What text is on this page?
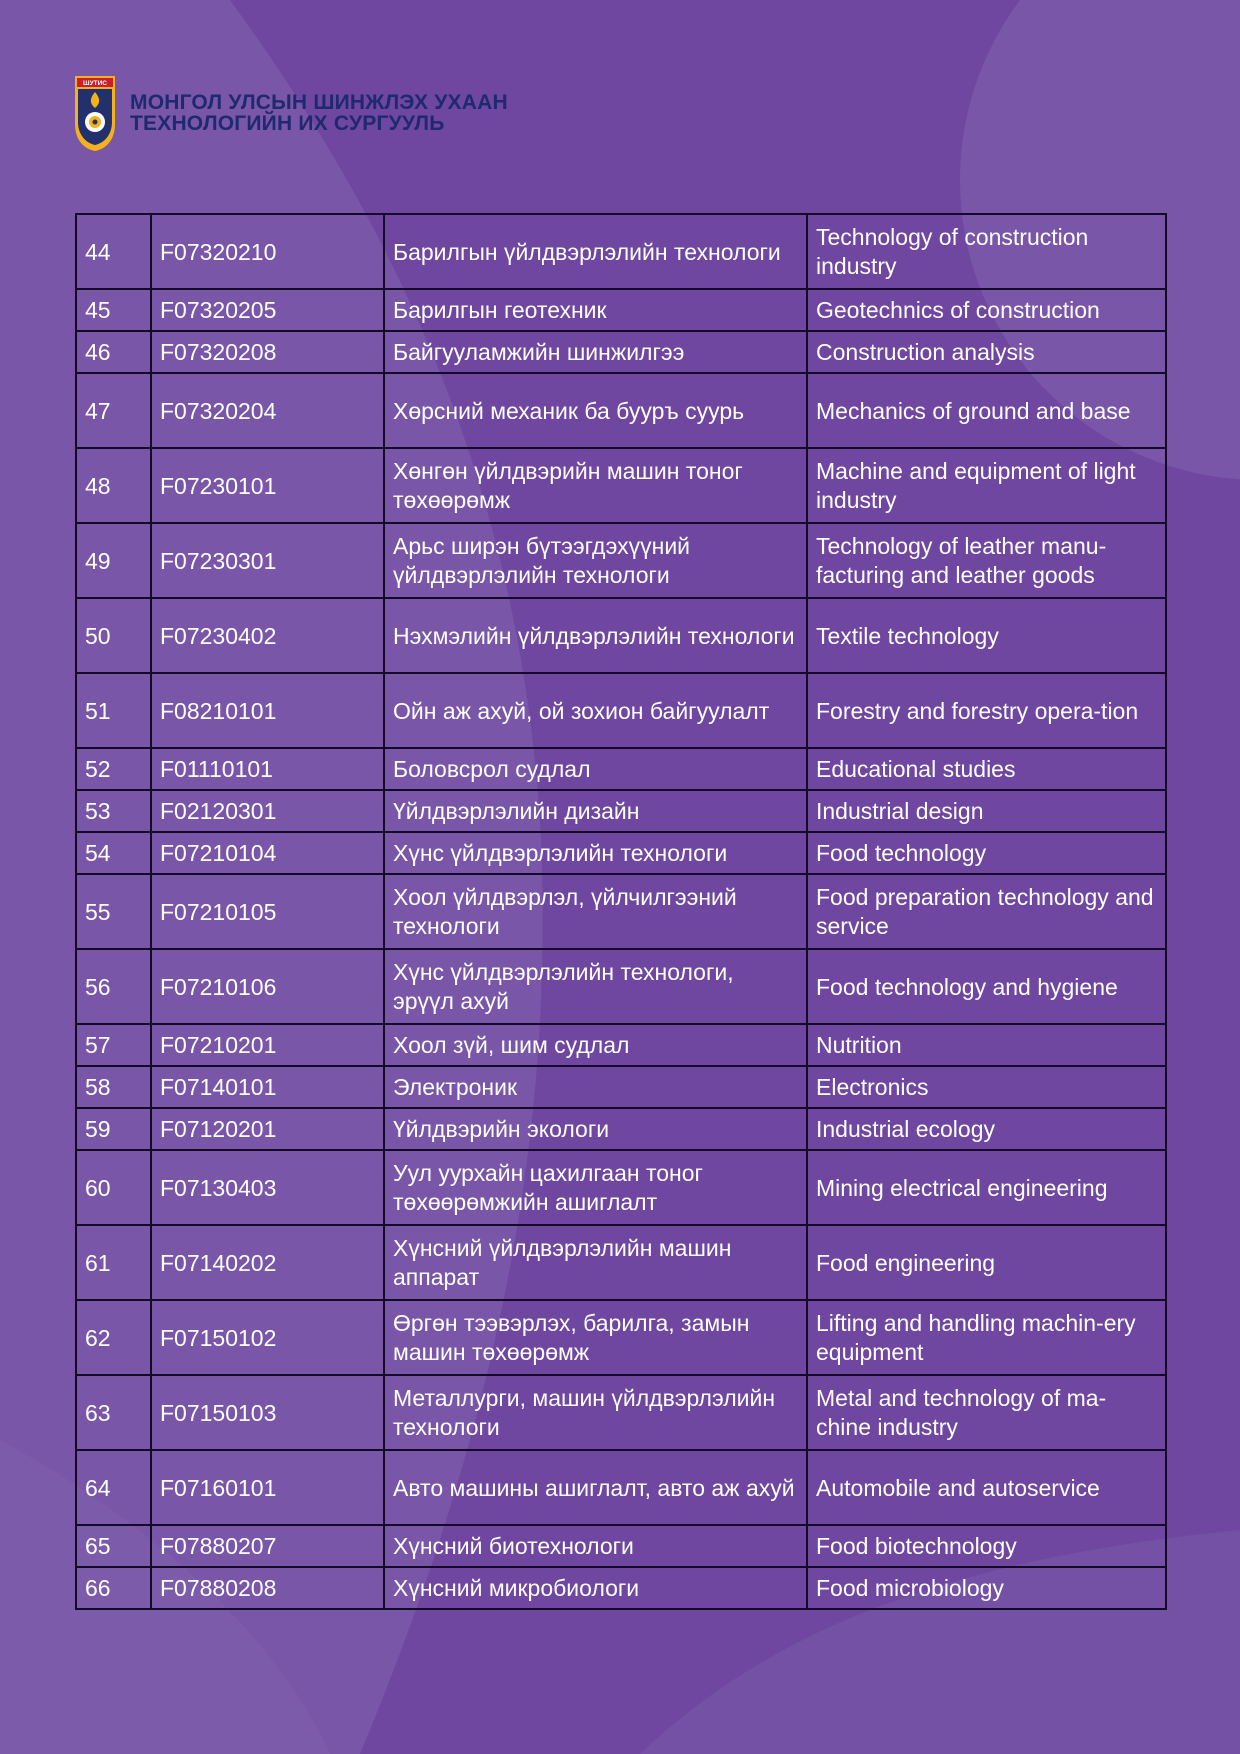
ШУТИС
МОНГОЛ УЛСЫН ШИНЖЛЭХ УХААН
ТЕХНОЛОГИЙН ИХ СУРГУУЛЬ
44	F07320210	Барилгын үйлдвэрлэлийн технологи	Technology of construction industry
45	F07320205	Барилгын геотехник	Geotechnics of construction
46	F07320208	Байгууламжийн шинжилгээ	Construction analysis
47	F07320204	Хөрсний механик ба бууръ суурь	Mechanics of ground and base
48	F07230101	Хөнгөн үйлдвэрийн машин тоног төхөөрөмж	Machine and equipment of light industry
49	F07230301	Арьс ширэн бүтээгдэхүүний үйлдвэрлэлийн технологи	Technology of leather manu-facturing and leather goods
50	F07230402	Нэхмэлийн үйлдвэрлэлийн технологи	Textile technology
51	F08210101	Ойн аж ахуй, ой зохион байгуулалт	Forestry and forestry opera-tion
52	F01110101	Боловсрол судлал	Educational studies
53	F02120301	Үйлдвэрлэлийн дизайн	Industrial design
54	F07210104	Хүнс үйлдвэрлэлийн технологи	Food technology
55	F07210105	Хоол үйлдвэрлэл, үйлчилгээний технологи	Food preparation technology and service
56	F07210106	Хүнс үйлдвэрлэлийн технологи, эрүүл ахуй	Food technology and hygiene
57	F07210201	Хоол зүй, шим судлал	Nutrition
58	F07140101	Электроник	Electronics
59	F07120201	Үйлдвэрийн экологи	Industrial ecology
60	F07130403	Уул уурхайн цахилгаан тоног төхөөрөмжийн ашиглалт	Mining electrical engineering
61	F07140202	Хүнсний үйлдвэрлэлийн машин аппарат	Food engineering
62	F07150102	Өргөн тээвэрлэх, барилга, замын машин төхөөрөмж	Lifting and handling machin-ery equipment
63	F07150103	Металлурги, машин үйлдвэрлэлийн технологи	Metal and technology of ma-chine industry
64	F07160101	Авто машины ашиглалт, авто аж ахуй	Automobile and autoservice
65	F07880207	Хүнсний биотехнологи	Food biotechnology
66	F07880208	Хүнсний микробиологи	Food microbiology
